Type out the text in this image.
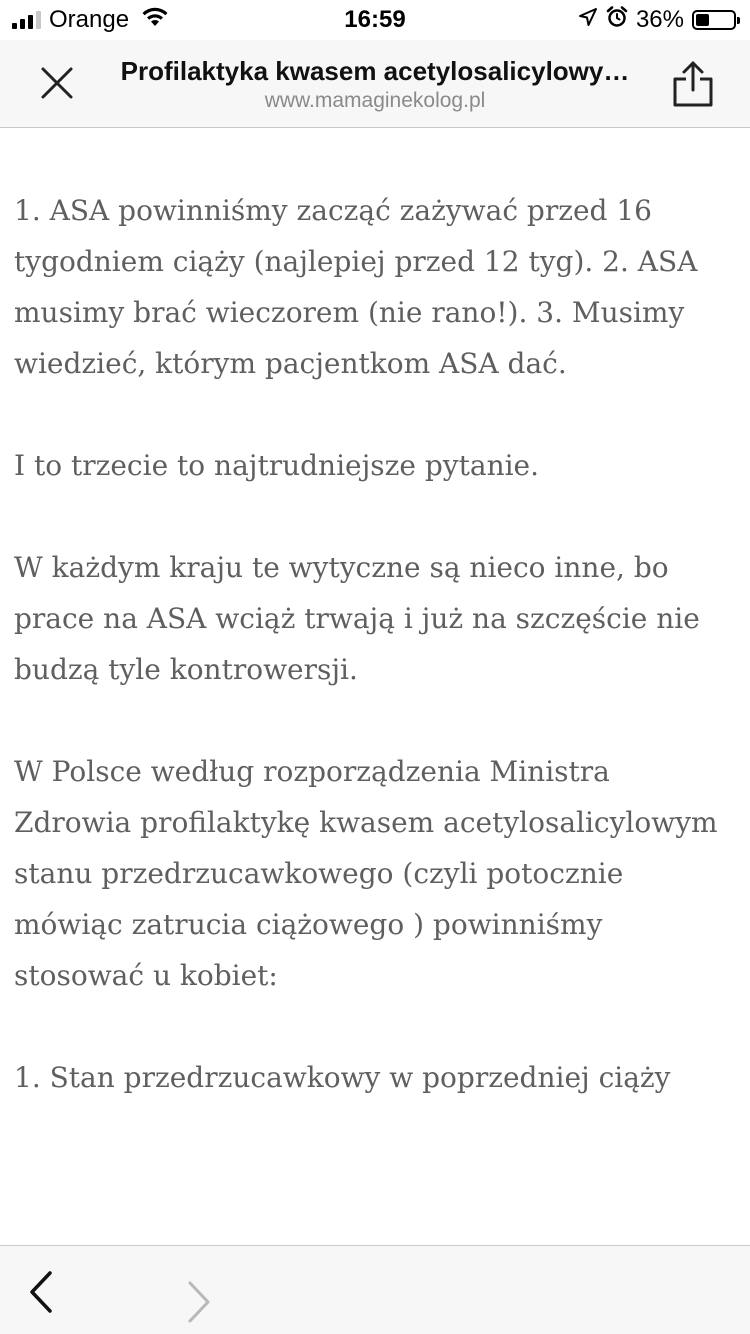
Orange	16:59	36%
Profilaktyka kwasem acetylosalicylowy…
www.mamaginekolog.pl

1. ASA powinniśmy zacząć zażywać przed 16 tygodniem ciąży (najlepiej przed 12 tyg). 2. ASA musimy brać wieczorem (nie rano!). 3. Musimy wiedzieć, którym pacjentkom ASA dać.

I to trzecie to najtrudniejsze pytanie.

W każdym kraju te wytyczne są nieco inne, bo prace na ASA wciąż trwają i już na szczęście nie budzą tyle kontrowersji.

W Polsce według rozporządzenia Ministra Zdrowia profilaktykę kwasem acetylosalicylowym stanu przedrzucawkowego (czyli potocznie mówiąc zatrucia ciążowego ) powinniśmy stosować u kobiet:

1. Stan przedrzucawkowy w poprzedniej ciąży
